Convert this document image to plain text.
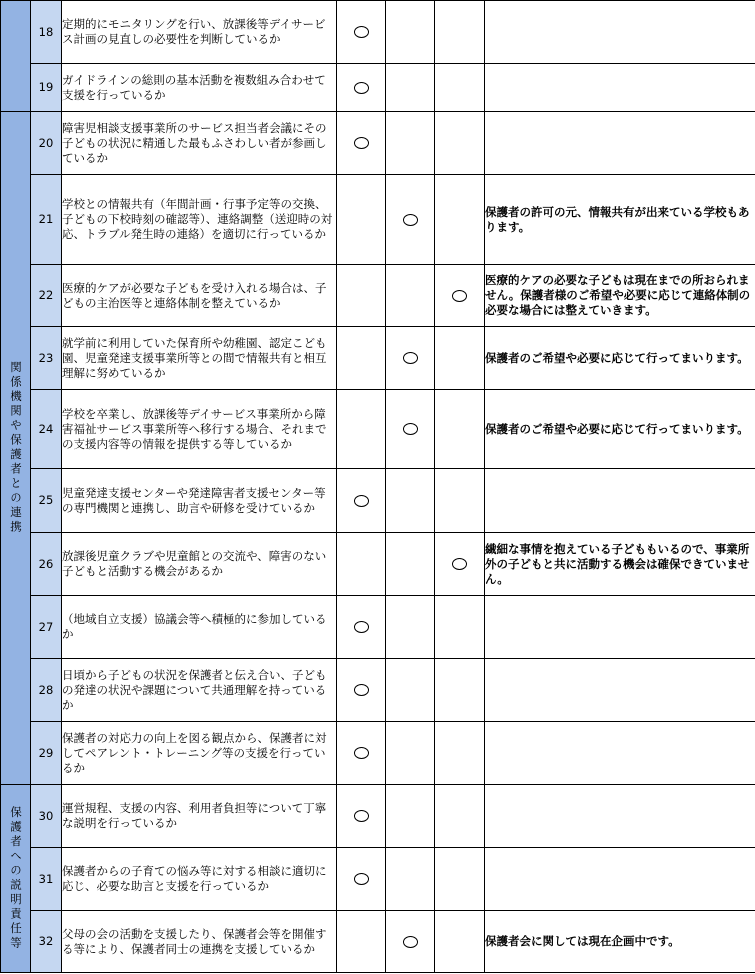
	18	定期的にモニタリングを行い、放課後等デイサービス計画の見直しの必要性を判断しているか				
	19	ガイドラインの総則の基本活動を複数組み合わせて支援を行っているか				
関係機関や保護者との連携	20	障害児相談支援事業所のサービス担当者会議にその子どもの状況に精通した最もふさわしい者が参画しているか				
	21	学校との情報共有（年間計画・行事予定等の交換、子どもの下校時刻の確認等）、連絡調整（送迎時の対応、トラブル発生時の連絡）を適切に行っているか				保護者の許可の元、情報共有が出来ている学校もあります。
	22	医療的ケアが必要な子どもを受け入れる場合は、子どもの主治医等と連絡体制を整えているか				医療的ケアの必要な子どもは現在までの所おられません。保護者様のご希望や必要に応じて連絡体制の必要な場合には整えていきます。
	23	就学前に利用していた保育所や幼稚園、認定こども園、児童発達支援事業所等との間で情報共有と相互理解に努めているか				保護者のご希望や必要に応じて行ってまいります。
	24	学校を卒業し、放課後等デイサービス事業所から障害福祉サービス事業所等へ移行する場合、それまでの支援内容等の情報を提供する等しているか				保護者のご希望や必要に応じて行ってまいります。
	25	児童発達支援センターや発達障害者支援センター等の専門機関と連携し、助言や研修を受けているか				
	26	放課後児童クラブや児童館との交流や、障害のない子どもと活動する機会があるか				繊細な事情を抱えている子どももいるので、事業所外の子どもと共に活動する機会は確保できていません。
	27	（地域自立支援）協議会等へ積極的に参加しているか				
	28	日頃から子どもの状況を保護者と伝え合い、子どもの発達の状況や課題について共通理解を持っているか				
	29	保護者の対応力の向上を図る観点から、保護者に対してペアレント・トレーニング等の支援を行っているか				
保護者への説明責任等	30	運営規程、支援の内容、利用者負担等について丁寧な説明を行っているか				
	31	保護者からの子育ての悩み等に対する相談に適切に応じ、必要な助言と支援を行っているか				
	32	父母の会の活動を支援したり、保護者会等を開催する等により、保護者同士の連携を支援しているか				保護者会に関しては現在企画中です。
